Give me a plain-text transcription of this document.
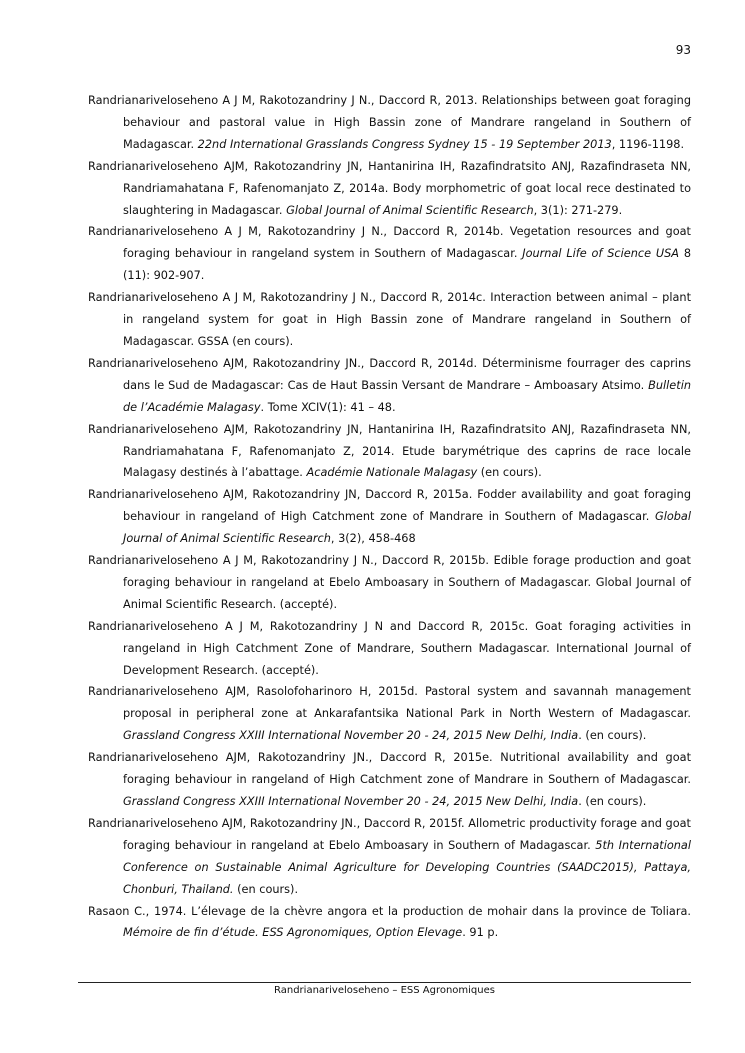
93

Randrianariveloseheno A J M, Rakotozandriny J N., Daccord R, 2013. Relationships between goat foraging behaviour and pastoral value in High Bassin zone of Mandrare rangeland in Southern of Madagascar. 22nd International Grasslands Congress Sydney 15 - 19 September 2013, 1196-1198.

Randrianariveloseheno AJM, Rakotozandriny JN, Hantanirina IH, Razafindratsito ANJ, Razafindraseta NN, Randriamahatana F, Rafenomanjato Z, 2014a. Body morphometric of goat local rece destinated to slaughtering in Madagascar. Global Journal of Animal Scientific Research, 3(1): 271-279.

Randrianariveloseheno A J M, Rakotozandriny J N., Daccord R, 2014b. Vegetation resources and goat foraging behaviour in rangeland system in Southern of Madagascar. Journal Life of Science USA 8 (11): 902-907.

Randrianariveloseheno A J M, Rakotozandriny J N., Daccord R, 2014c. Interaction between animal – plant in rangeland system for goat in High Bassin zone of Mandrare rangeland in Southern of Madagascar. GSSA (en cours).

Randrianariveloseheno AJM, Rakotozandriny JN., Daccord R, 2014d. Déterminisme fourrager des caprins dans le Sud de Madagascar: Cas de Haut Bassin Versant de Mandrare – Amboasary Atsimo. Bulletin de l’Académie Malagasy. Tome XCIV(1): 41 – 48.

Randrianariveloseheno AJM, Rakotozandriny JN, Hantanirina IH, Razafindratsito ANJ, Razafindraseta NN, Randriamahatana F, Rafenomanjato Z, 2014. Etude barymétrique des caprins de race locale Malagasy destinés à l’abattage. Académie Nationale Malagasy (en cours).

Randrianariveloseheno AJM, Rakotozandriny JN, Daccord R, 2015a. Fodder availability and goat foraging behaviour in rangeland of High Catchment zone of Mandrare in Southern of Madagascar. Global Journal of Animal Scientific Research, 3(2), 458-468

Randrianariveloseheno A J M, Rakotozandriny J N., Daccord R, 2015b. Edible forage production and goat foraging behaviour in rangeland at Ebelo Amboasary in Southern of Madagascar. Global Journal of Animal Scientific Research. (accepté).

Randrianariveloseheno A J M, Rakotozandriny J N and Daccord R, 2015c. Goat foraging activities in rangeland in High Catchment Zone of Mandrare, Southern Madagascar. International Journal of Development Research. (accepté).

Randrianariveloseheno AJM, Rasolofoharinoro H, 2015d. Pastoral system and savannah management proposal in peripheral zone at Ankarafantsika National Park in North Western of Madagascar. Grassland Congress XXIII International November 20 - 24, 2015 New Delhi, India. (en cours).

Randrianariveloseheno AJM, Rakotozandriny JN., Daccord R, 2015e. Nutritional availability and goat foraging behaviour in rangeland of High Catchment zone of Mandrare in Southern of Madagascar. Grassland Congress XXIII International November 20 - 24, 2015 New Delhi, India. (en cours).

Randrianariveloseheno AJM, Rakotozandriny JN., Daccord R, 2015f. Allometric productivity forage and goat foraging behaviour in rangeland at Ebelo Amboasary in Southern of Madagascar. 5th International Conference on Sustainable Animal Agriculture for Developing Countries (SAADC2015), Pattaya, Chonburi, Thailand. (en cours).

Rasaon C., 1974. L’élevage de la chèvre angora et la production de mohair dans la province de Toliara. Mémoire de fin d’étude. ESS Agronomiques, Option Elevage. 91 p.

Randrianariveloseheno – ESS Agronomiques
